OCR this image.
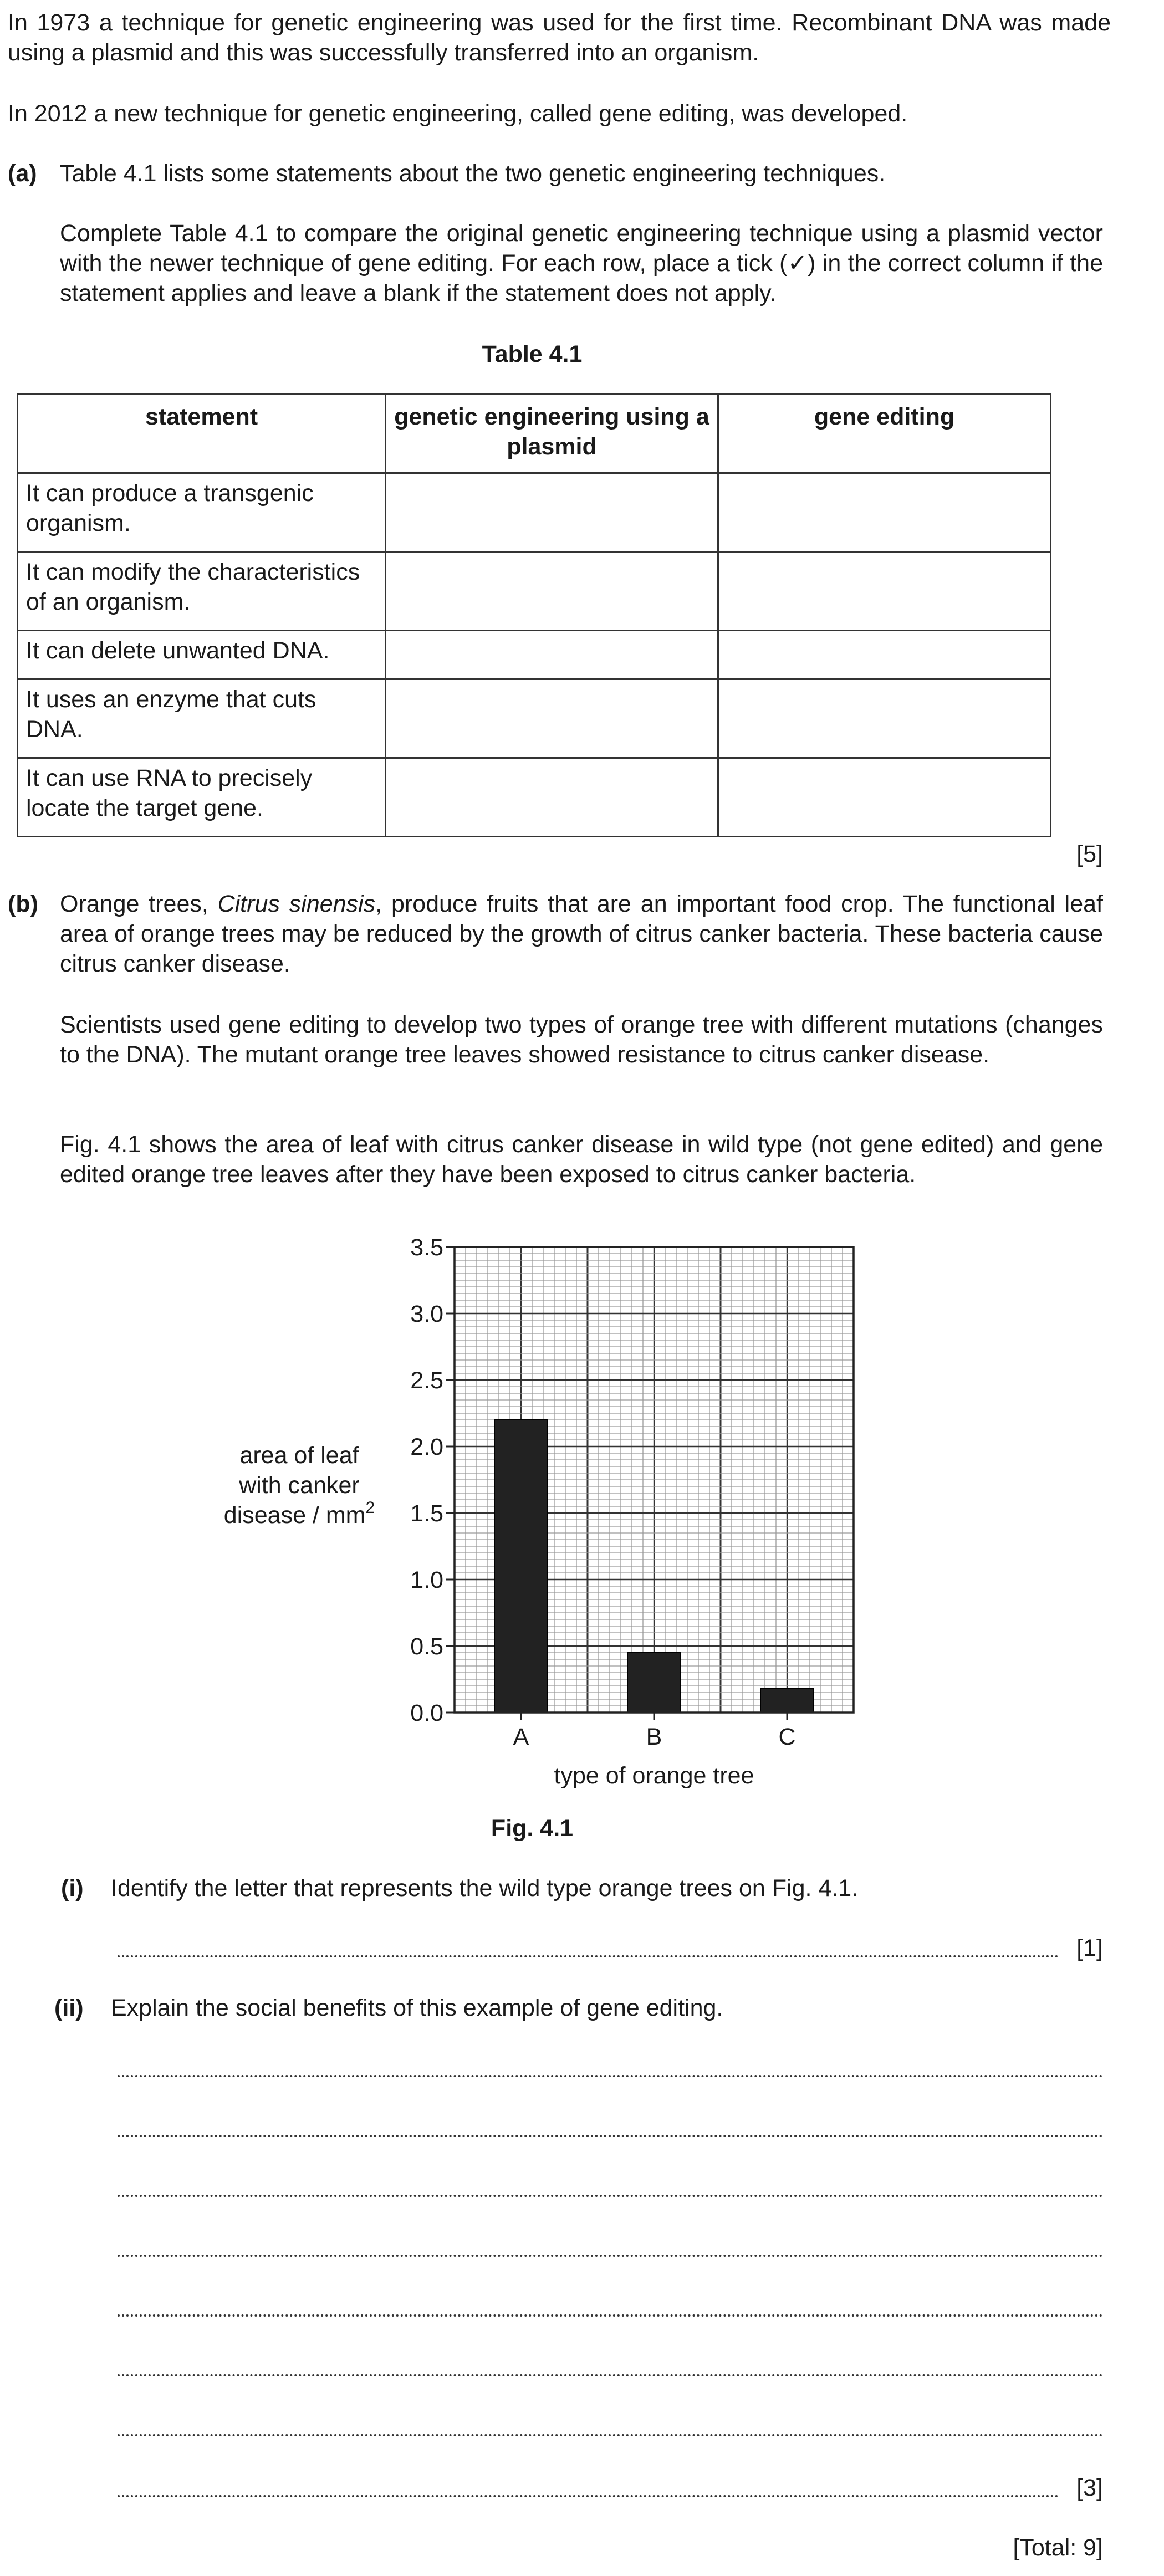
In 1973 a technique for genetic engineering was used for the first time. Recombinant DNA was made using a plasmid and this was successfully transferred into an organism.

In 2012 a new technique for genetic engineering, called gene editing, was developed.

(a) Table 4.1 lists some statements about the two genetic engineering techniques.

Complete Table 4.1 to compare the original genetic engineering technique using a plasmid vector with the newer technique of gene editing. For each row, place a tick (✓) in the correct column if the statement applies and leave a blank if the statement does not apply.

Table 4.1
statement	genetic engineering using a plasmid	gene editing
It can produce a transgenic organism.		
It can modify the characteristics of an organism.		
It can delete unwanted DNA.		
It uses an enzyme that cuts DNA.		
It can use RNA to precisely locate the target gene.		
[5]
(b) Orange trees, Citrus sinensis, produce fruits that are an important food crop. The functional leaf area of orange trees may be reduced by the growth of citrus canker bacteria. These bacteria cause citrus canker disease.

Scientists used gene editing to develop two types of orange tree with different mutations (changes to the DNA). The mutant orange tree leaves showed resistance to citrus canker disease.

Fig. 4.1 shows the area of leaf with citrus canker disease in wild type (not gene edited) and gene edited orange tree leaves after they have been exposed to citrus canker bacteria.

0.0
0.5
1.0
1.5
2.0
2.5
3.0
3.5
A	B	C
area of leaf with canker disease / $mm^2$
type of orange tree
Fig. 4.1
(i) Identify the letter that represents the wild type orange trees on Fig. 4.1.

[1]
(ii) Explain the social benefits of this example of gene editing.

[3]
[Total: 9]
